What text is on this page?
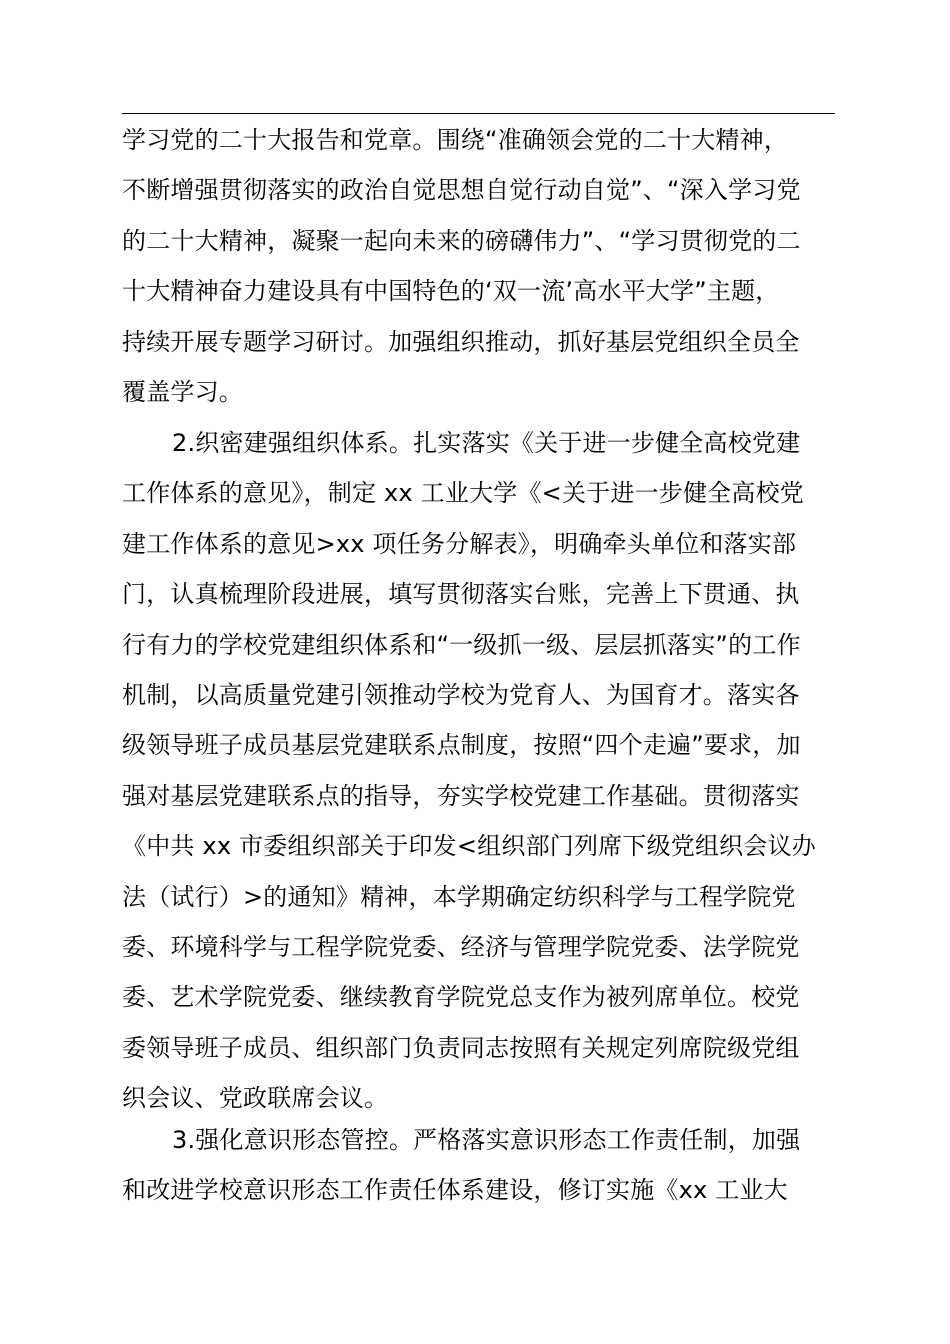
学习党的二十大报告和党章。围绕“准确领会党的二十大精神，
不断增强贯彻落实的政治自觉思想自觉行动自觉”、“深入学习党
的二十大精神，凝聚一起向未来的磅礴伟力”、“学习贯彻党的二
十大精神奋力建设具有中国特色的‘双一流’高水平大学”主题，
持续开展专题学习研讨。加强组织推动，抓好基层党组织全员全
覆盖学习。
2.织密建强组织体系。扎实落实《关于进一步健全高校党建
工作体系的意见》，制定 xx 工业大学《<关于进一步健全高校党
建工作体系的意见>xx 项任务分解表》，明确牵头单位和落实部
门，认真梳理阶段进展，填写贯彻落实台账，完善上下贯通、执
行有力的学校党建组织体系和“一级抓一级、层层抓落实”的工作
机制，以高质量党建引领推动学校为党育人、为国育才。落实各
级领导班子成员基层党建联系点制度，按照“四个走遍”要求，加
强对基层党建联系点的指导，夯实学校党建工作基础。贯彻落实
《中共 xx 市委组织部关于印发<组织部门列席下级党组织会议办
法（试行）>的通知》精神，本学期确定纺织科学与工程学院党
委、环境科学与工程学院党委、经济与管理学院党委、法学院党
委、艺术学院党委、继续教育学院党总支作为被列席单位。校党
委领导班子成员、组织部门负责同志按照有关规定列席院级党组
织会议、党政联席会议。
3.强化意识形态管控。严格落实意识形态工作责任制，加强
和改进学校意识形态工作责任体系建设，修订实施《xx 工业大
